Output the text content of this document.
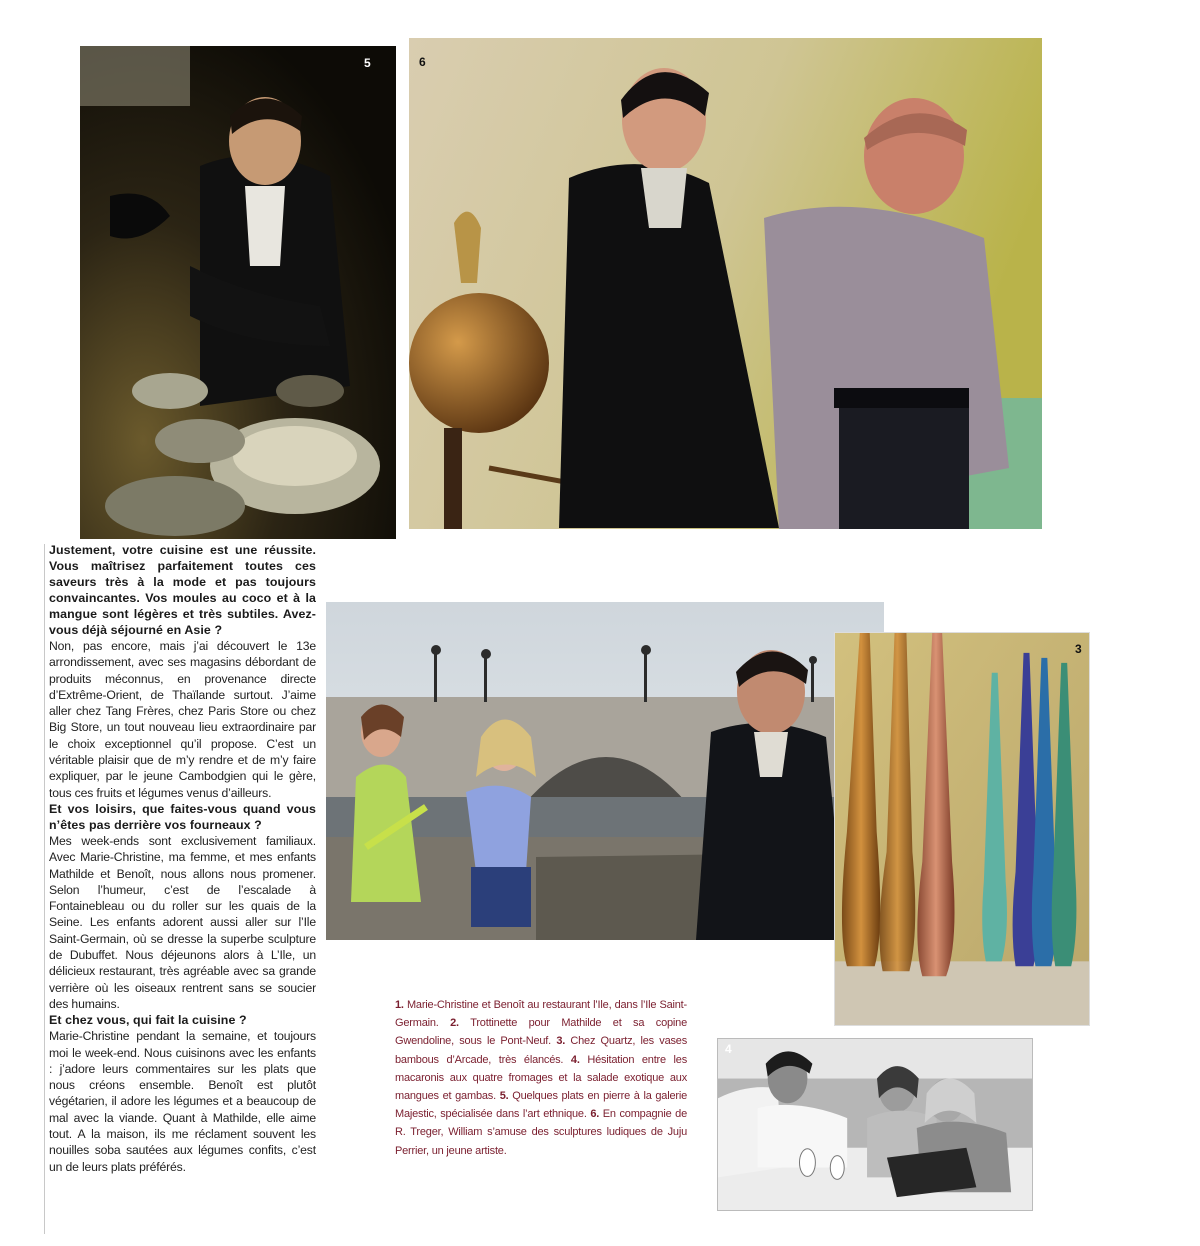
5	6
3
4

Justement, votre cuisine est une réussite. Vous maîtrisez parfaitement toutes ces saveurs très à la mode et pas toujours convaincantes. Vos moules au coco et à la mangue sont légères et très subtiles. Avez-vous déjà séjourné en Asie ?

Non, pas encore, mais j’ai découvert le 13e arrondissement, avec ses magasins débordant de produits méconnus, en provenance directe d’Extrême-Orient, de Thaïlande surtout. J’aime aller chez Tang Frères, chez Paris Store ou chez Big Store, un tout nouveau lieu extraordinaire par le choix exceptionnel qu’il propose. C’est un véritable plaisir que de m’y rendre et de m’y faire expliquer, par le jeune Cambodgien qui le gère, tous ces fruits et légumes venus d’ailleurs.

Et vos loisirs, que faites-vous quand vous n’êtes pas derrière vos fourneaux ?

Mes week-ends sont exclusivement familiaux. Avec Marie-Christine, ma femme, et mes enfants Mathilde et Benoît, nous allons nous promener. Selon l’humeur, c’est de l’escalade à Fontainebleau ou du roller sur les quais de la Seine. Les enfants adorent aussi aller sur l’Ile Saint-Germain, où se dresse la superbe sculpture de Dubuffet. Nous déjeunons alors à L’Ile, un délicieux restaurant, très agréable avec sa grande verrière où les oiseaux rentrent sans se soucier des humains.

Et chez vous, qui fait la cuisine ?

Marie-Christine pendant la semaine, et toujours moi le week-end. Nous cuisinons avec les enfants : j’adore leurs commentaires sur les plats que nous créons ensemble. Benoît est plutôt végétarien, il adore les légumes et a beaucoup de mal avec la viande. Quant à Mathilde, elle aime tout. A la maison, ils me réclament souvent les nouilles soba sautées aux légumes confits, c’est un de leurs plats préférés.

1. Marie-Christine et Benoît au restaurant l’Ile, dans l’Ile Saint-Germain. 2. Trottinette pour Mathilde et sa copine Gwendoline, sous le Pont-Neuf. 3. Chez Quartz, les vases bambous d’Arcade, très élancés. 4. Hésitation entre les macaronis aux quatre fromages et la salade exotique aux mangues et gambas. 5. Quelques plats en pierre à la galerie Majestic, spécialisée dans l’art ethnique. 6. En compagnie de R. Treger, William s’amuse des sculptures ludiques de Juju Perrier, un jeune artiste.
